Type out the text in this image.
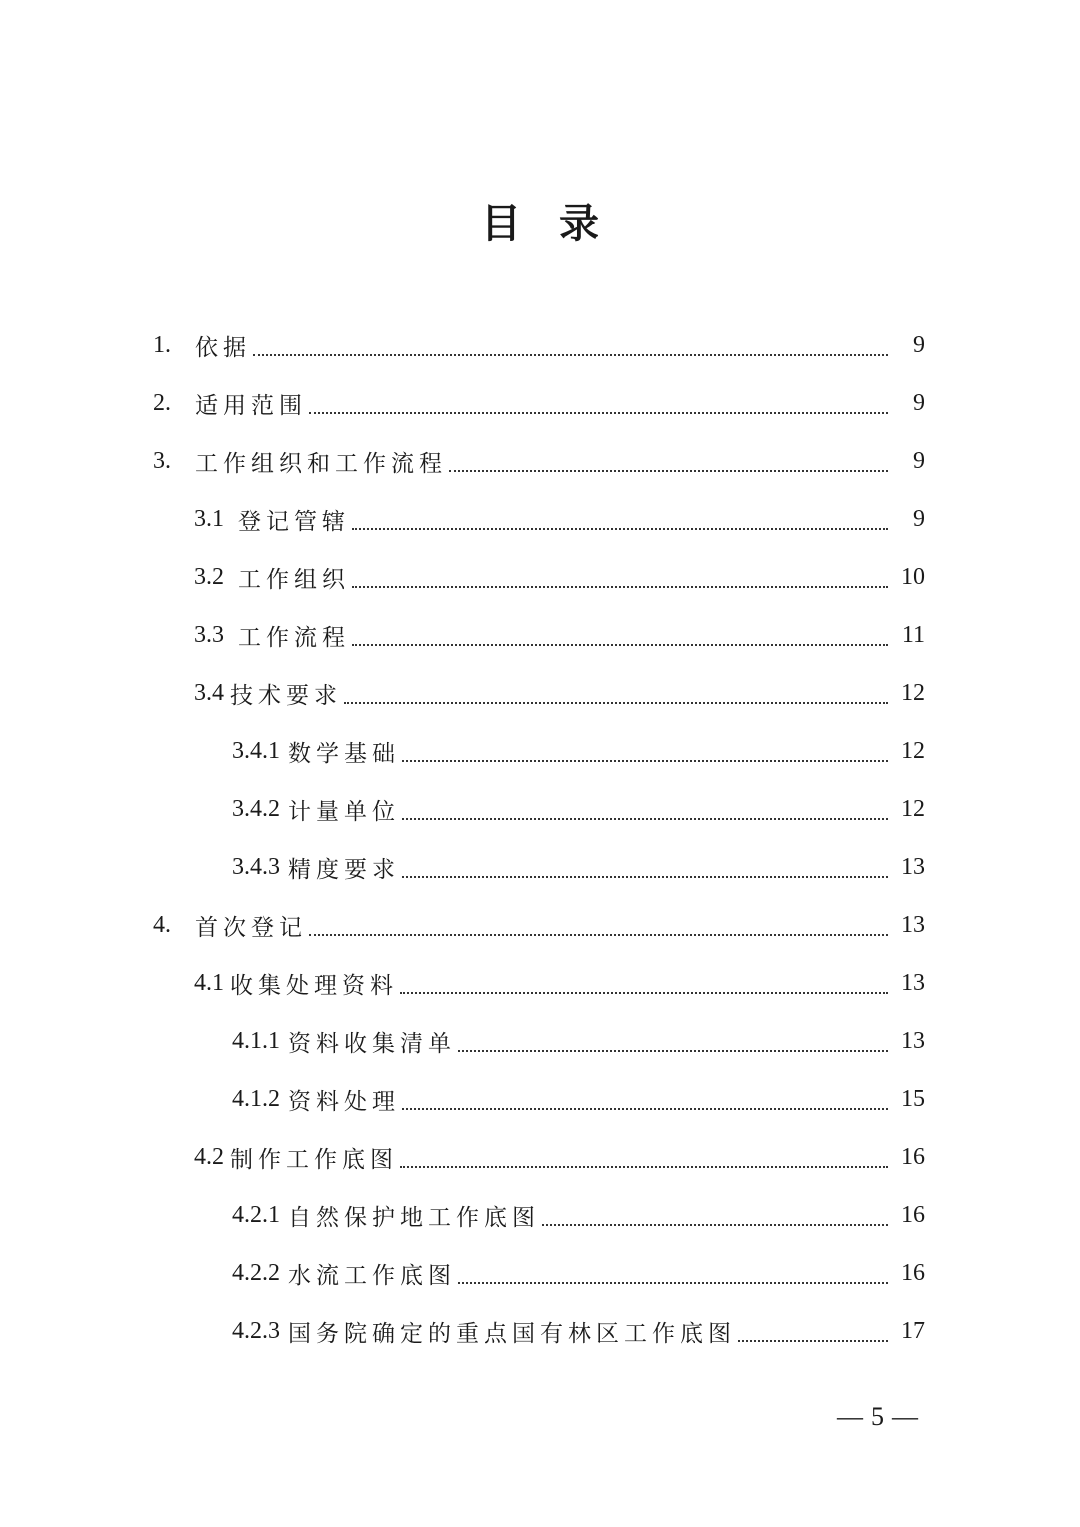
目 录
1.	依据	9
2.	适用范围	9
3.	工作组织和工作流程	9
3.1 登记管辖	9
3.2 工作组织	10
3.3 工作流程	11
3.4 技术要求	12
3.4.1 数学基础	12
3.4.2 计量单位	12
3.4.3 精度要求	13
4.	首次登记	13
4.1 收集处理资料	13
4.1.1 资料收集清单	13
4.1.2 资料处理	15
4.2 制作工作底图	16
4.2.1 自然保护地工作底图	16
4.2.2 水流工作底图	16
4.2.3 国务院确定的重点国有林区工作底图	17
— 5 —
